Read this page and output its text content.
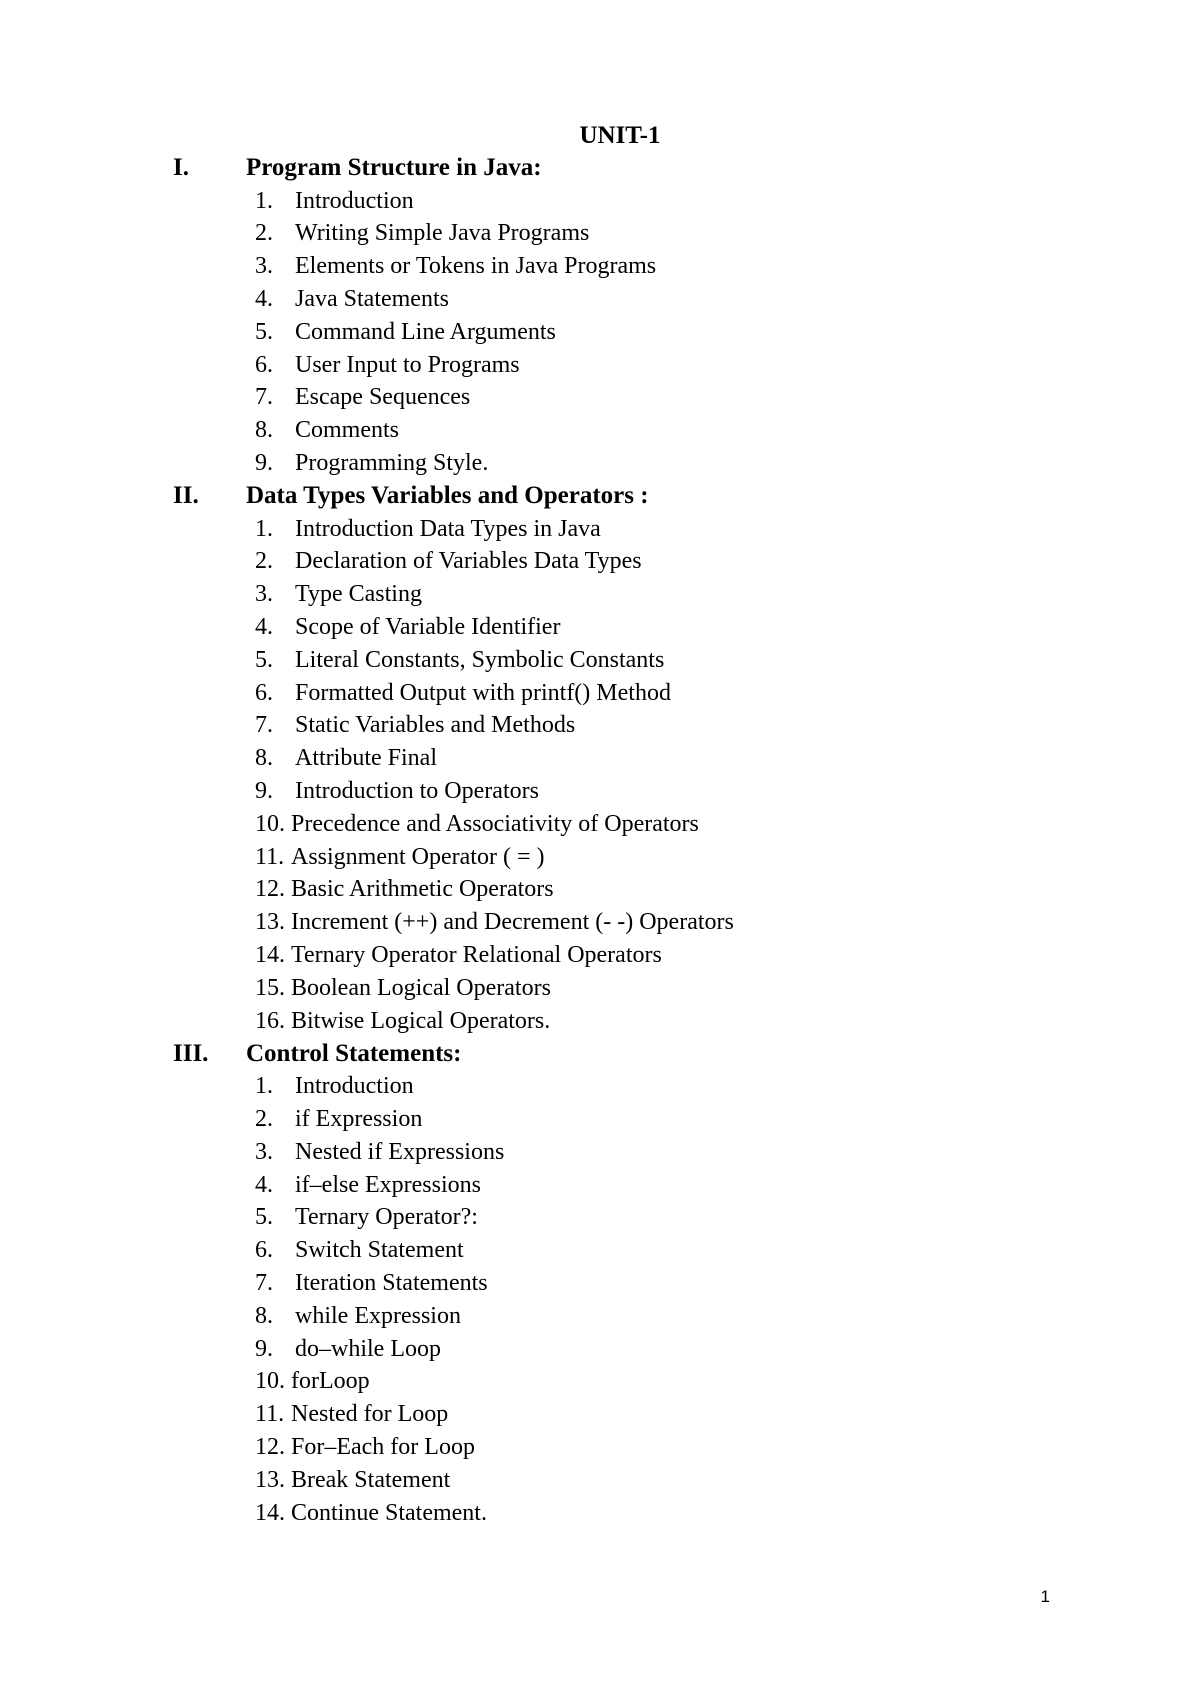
UNIT-1
I.	Program Structure in Java:
1. Introduction
2. Writing Simple Java Programs
3. Elements or Tokens in Java Programs
4. Java Statements
5. Command Line Arguments
6. User Input to Programs
7. Escape Sequences
8. Comments
9. Programming Style.
II.	Data Types Variables and Operators :
1. Introduction Data Types in Java
2. Declaration of Variables Data Types
3. Type Casting
4. Scope of Variable Identifier
5. Literal Constants, Symbolic Constants
6. Formatted Output with printf() Method
7. Static Variables and Methods
8. Attribute Final
9. Introduction to Operators
10. Precedence and Associativity of Operators
11. Assignment Operator ( = )
12. Basic Arithmetic Operators
13. Increment (++) and Decrement (- -) Operators
14. Ternary Operator Relational Operators
15. Boolean Logical Operators
16. Bitwise Logical Operators.
III.	Control Statements:
1. Introduction
2. if Expression
3. Nested if Expressions
4. if–else Expressions
5. Ternary Operator?:
6. Switch Statement
7. Iteration Statements
8. while Expression
9. do–while Loop
10. forLoop
11. Nested for Loop
12. For–Each for Loop
13. Break Statement
14. Continue Statement.
1
